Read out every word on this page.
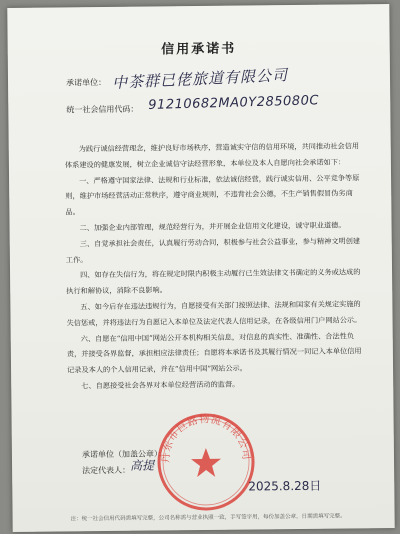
信用承诺书
承诺单位： 中茶群已佬旅道有限公司
统一社会信用代码： 91210682MA0Y285080C

为践行诚信经营理念，维护良好市场秩序，营造诚实守信的信用环境，共同推动社会信用体系建设的健康发展，树立企业诚信守法经营形象，本单位及本人自愿向社会承诺如下：

一、严格遵守国家法律、法规和行业标准，依法诚信经营，践行诚实信用、公平竞争等原则，维护市场经营活动正常秩序，遵守商业规则，不违背社会公德，不生产销售假冒伪劣商品。

二、加强企业内部管理，规范经营行为，并开展企业信用文化建设，诚守职业道德。

三、自觉承担社会责任，认真履行劳动合同，积极参与社会公益事业，参与精神文明创建工作。

四、如存在失信行为，将在规定时限内积极主动履行已生效法律文书确定的义务或达成的执行和解协议，消除不良影响。

五、如今后存在违法违规行为，自愿接受有关部门按照法律、法规和国家有关规定实施的失信惩戒，并将违法行为自愿记入本单位及法定代表人信用记录，在各级信用门户网站公示。

六、自愿在“信用中国”网站公开本机构相关信息，对信息的真实性、准确性、合法性负责，并接受各界监督，承担相应法律责任；自愿将本承诺书及其履行情况一同记入本单位信用记录及本人的个人信用记录，并在“信用中国”网站公示。

七、自愿接受社会各界对本单位经营活动的监督。

承诺单位（加盖公章）：
法定代表人： 高提
丹东市巨路物流有限公司
2025.8.28日
注：统一社会信用代码需填写完整，公司名称需与营业执照一致，手写签字用，每份加盖公章，日期需填写完整。
